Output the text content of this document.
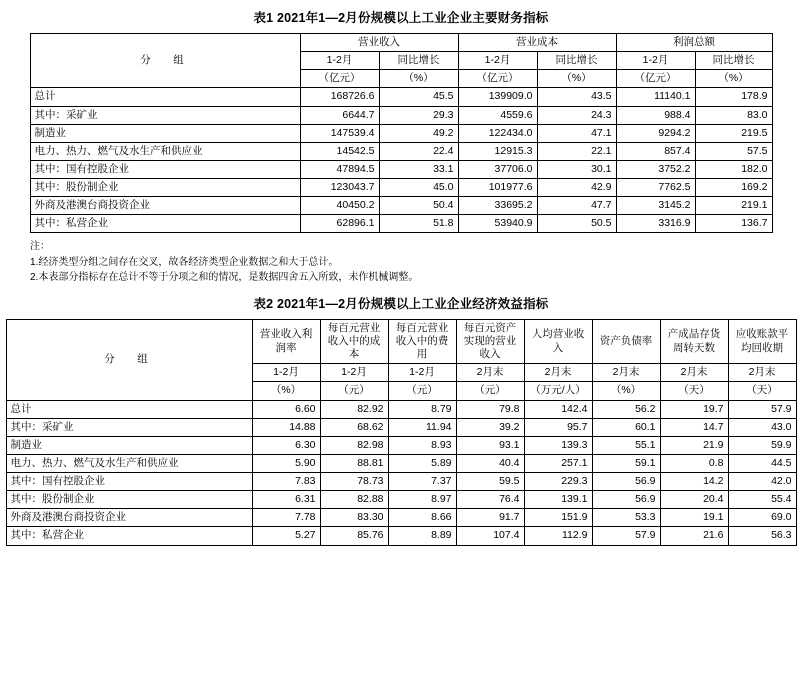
表1 2021年1—2月份规模以上工业企业主要财务指标
分　组	营业收入		营业成本		利润总额	
	1-2月	同比增长	1-2月	同比增长	1-2月	同比增长
	（亿元）	（%）	（亿元）	（%）	（亿元）	（%）
总计	168726.6	45.5	139909.0	43.5	11140.1	178.9
其中：采矿业	6644.7	29.3	4559.6	24.3	988.4	83.0
制造业	147539.4	49.2	122434.0	47.1	9294.2	219.5
电力、热力、燃气及水生产和供应业	14542.5	22.4	12915.3	22.1	857.4	57.5
其中：国有控股企业	47894.5	33.1	37706.0	30.1	3752.2	182.0
其中：股份制企业	123043.7	45.0	101977.6	42.9	7762.5	169.2
外商及港澳台商投资企业	40450.2	50.4	33695.2	47.7	3145.2	219.1
其中：私营企业	62896.1	51.8	53940.9	50.5	3316.9	136.7
注：
1.经济类型分组之间存在交叉，故各经济类型企业数据之和大于总计。
2.本表部分指标存在总计不等于分项之和的情况，是数据四舍五入所致，未作机械调整。
表2 2021年1—2月份规模以上工业企业经济效益指标
分　组	营业收入利润率	每百元营业收入中的成本	每百元营业收入中的费用	每百元资产实现的营业收入	人均营业收入	资产负债率	产成品存货周转天数	应收账款平均回收期
	1-2月	1-2月	1-2月	2月末	2月末	2月末	2月末	2月末
	（%）	（元）	（元）	（元）	（万元/人）	（%）	（天）	（天）
总计	6.60	82.92	8.79	79.8	142.4	56.2	19.7	57.9
其中：采矿业	14.88	68.62	11.94	39.2	95.7	60.1	14.7	43.0
制造业	6.30	82.98	8.93	93.1	139.3	55.1	21.9	59.9
电力、热力、燃气及水生产和供应业	5.90	88.81	5.89	40.4	257.1	59.1	0.8	44.5
其中：国有控股企业	7.83	78.73	7.37	59.5	229.3	56.9	14.2	42.0
其中：股份制企业	6.31	82.88	8.97	76.4	139.1	56.9	20.4	55.4
外商及港澳台商投资企业	7.78	83.30	8.66	91.7	151.9	53.3	19.1	69.0
其中：私营企业	5.27	85.76	8.89	107.4	112.9	57.9	21.6	56.3
